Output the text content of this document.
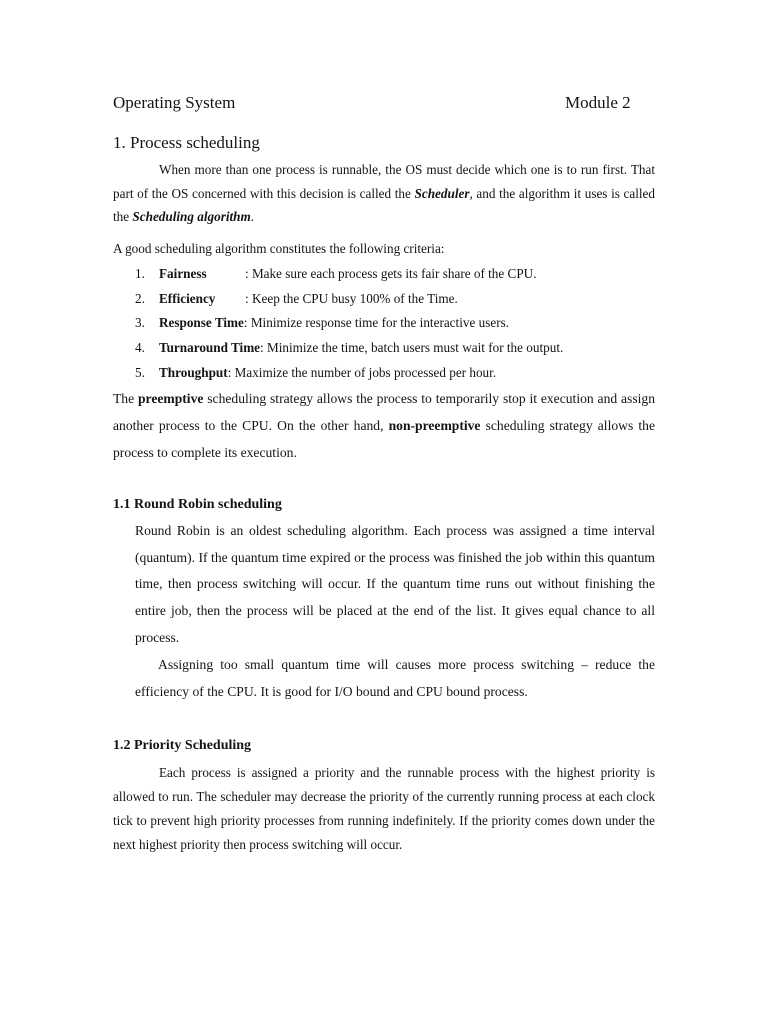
Operating System	Module 2
1. Process scheduling

When more than one process is runnable, the OS must decide which one is to run first. That part of the OS concerned with this decision is called the Scheduler, and the algorithm it uses is called the Scheduling algorithm.

A good scheduling algorithm constitutes the following criteria:

1. Fairness	: Make sure each process gets its fair share of the CPU.
2. Efficiency : Keep the CPU busy 100% of the Time.
3. Response Time: Minimize response time for the interactive users.
4. Turnaround Time: Minimize the time, batch users must wait for the output.
5. Throughput: Maximize the number of jobs processed per hour.

The preemptive scheduling strategy allows the process to temporarily stop it execution and assign another process to the CPU. On the other hand, non-preemptive scheduling strategy allows the process to complete its execution.

1.1 Round Robin scheduling

Round Robin is an oldest scheduling algorithm. Each process was assigned a time interval (quantum). If the quantum time expired or the process was finished the job within this quantum time, then process switching will occur. If the quantum time runs out without finishing the entire job, then the process will be placed at the end of the list. It gives equal chance to all process.

Assigning too small quantum time will causes more process switching – reduce the efficiency of the CPU. It is good for I/O bound and CPU bound process.

1.2 Priority Scheduling

Each process is assigned a priority and the runnable process with the highest priority is allowed to run. The scheduler may decrease the priority of the currently running process at each clock tick to prevent high priority processes from running indefinitely. If the priority comes down under the next highest priority then process switching will occur.
